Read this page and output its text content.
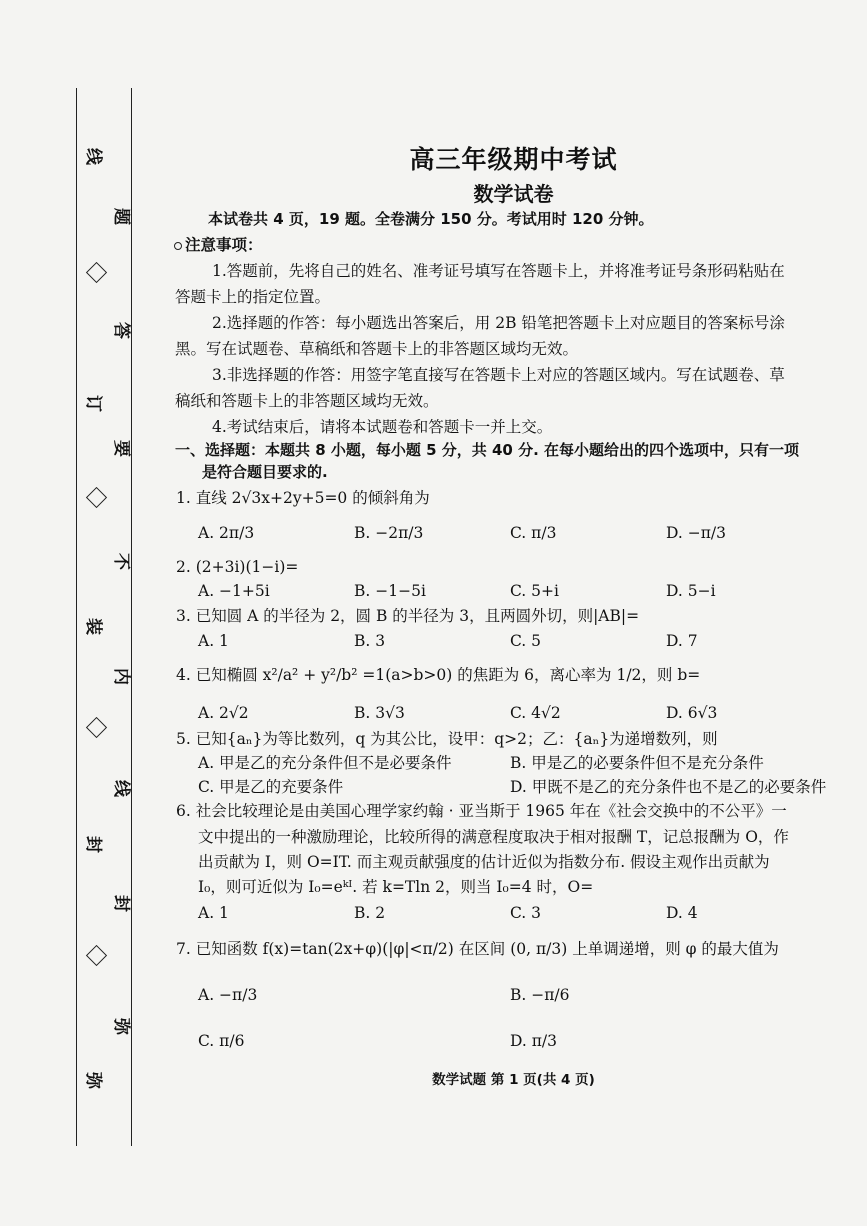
线
订
装
封
弥
题
答
要
不
内
线
封
弥
高三年级期中考试
数学试卷
本试卷共 4 页，19 题。全卷满分 150 分。考试用时 120 分钟。
注意事项：
1.答题前，先将自己的姓名、准考证号填写在答题卡上，并将准考证号条形码粘贴在
答题卡上的指定位置。
2.选择题的作答：每小题选出答案后，用 2B 铅笔把答题卡上对应题目的答案标号涂
黑。写在试题卷、草稿纸和答题卡上的非答题区域均无效。
3.非选择题的作答：用签字笔直接写在答题卡上对应的答题区域内。写在试题卷、草
稿纸和答题卡上的非答题区域均无效。
4.考试结束后，请将本试题卷和答题卡一并上交。
一、选择题：本题共 8 小题，每小题 5 分，共 40 分. 在每小题给出的四个选项中，只有一项
是符合题目要求的.
1. 直线 2√3x+2y+5=0 的倾斜角为
A. 2π/3	B. −2π/3	C. π/3	D. −π/3
2. (2+3i)(1−i)=
A. −1+5i	B. −1−5i	C. 5+i	D. 5−i
3. 已知圆 A 的半径为 2，圆 B 的半径为 3，且两圆外切，则|AB|=
A. 1	B. 3	C. 5	D. 7
4. 已知椭圆 x²/a² + y²/b² =1(a>b>0) 的焦距为 6，离心率为 1/2，则 b=
A. 2√2	B. 3√3	C. 4√2	D. 6√3
5. 已知{aₙ}为等比数列，q 为其公比，设甲：q>2；乙：{aₙ}为递增数列，则
A. 甲是乙的充分条件但不是必要条件	B. 甲是乙的必要条件但不是充分条件
C. 甲是乙的充要条件	D. 甲既不是乙的充分条件也不是乙的必要条件
6. 社会比较理论是由美国心理学家约翰 · 亚当斯于 1965 年在《社会交换中的不公平》一
文中提出的一种激励理论，比较所得的满意程度取决于相对报酬 T，记总报酬为 O，作
出贡献为 I，则 O=IT. 而主观贡献强度的估计近似为指数分布. 假设主观作出贡献为
I₀，则可近似为 I₀=eᵏᴵ. 若 k=Tln 2，则当 I₀=4 时，O=
A. 1	B. 2	C. 3	D. 4
7. 已知函数 f(x)=tan(2x+φ)(|φ|<π/2) 在区间 (0, π/3) 上单调递增，则 φ 的最大值为
A. −π/3	B. −π/6
C. π/6	D. π/3
数学试题 第 1 页(共 4 页)
